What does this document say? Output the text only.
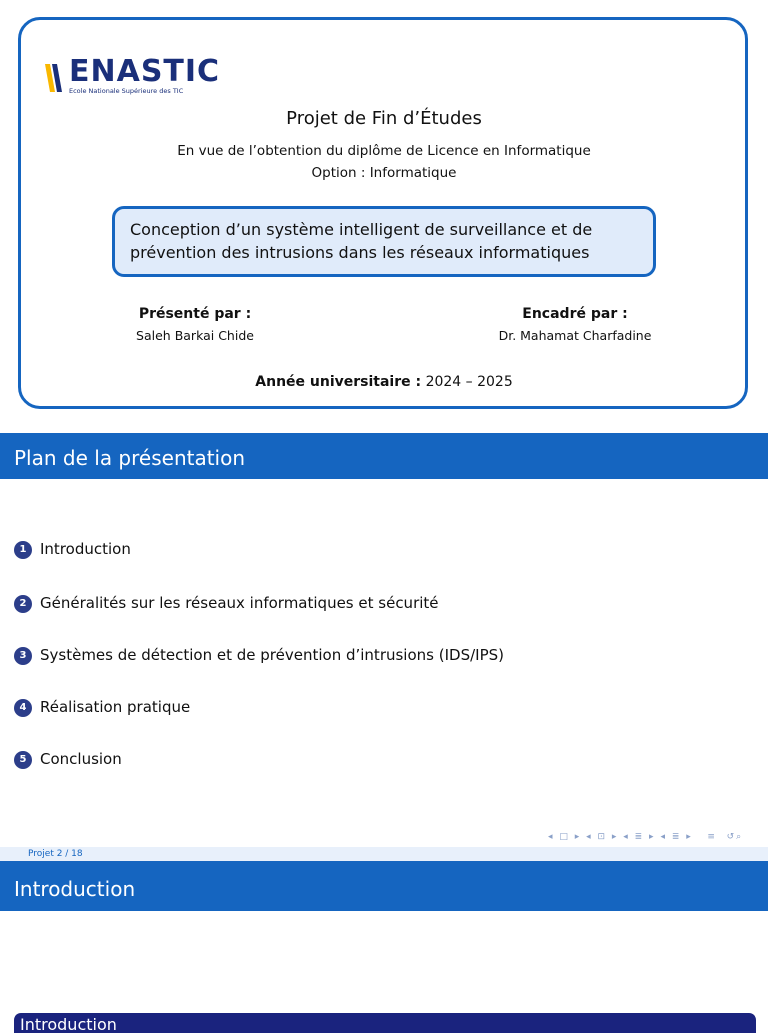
ENASTIC
Ecole Nationale Supérieure des TIC
Projet de Fin d’Études
En vue de l’obtention du diplôme de Licence en Informatique
Option : Informatique
Conception d’un système intelligent de surveillance et de
prévention des intrusions dans les réseaux informatiques
Présenté par :
Saleh Barkai Chide
Encadré par :
Dr. Mahamat Charfadine
Année universitaire : 2024 – 2025
Plan de la présentation
1 Introduction
2 Généralités sur les réseaux informatiques et sécurité
3 Systèmes de détection et de prévention d’intrusions (IDS/IPS)
4 Réalisation pratique
5 Conclusion
◂ □ ▸ ◂ ⊡ ▸ ◂ ≣ ▸ ◂ ≣ ▸   ≡  ↺⌕
Projet 2 / 18
Introduction
Introduction
